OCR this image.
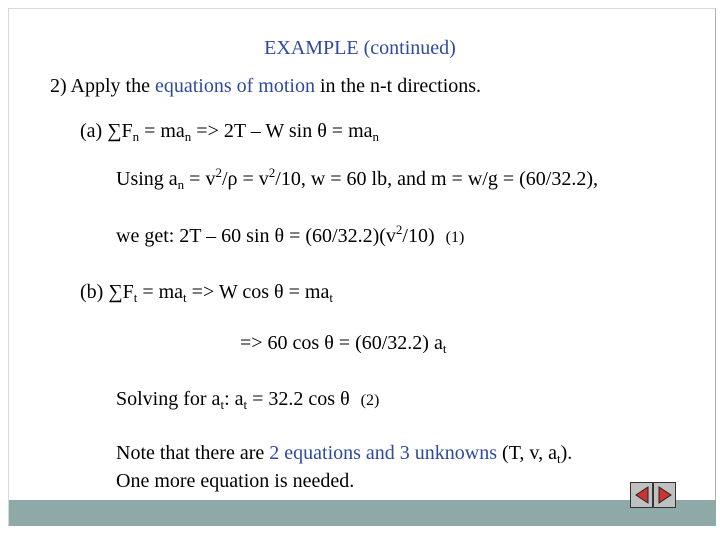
EXAMPLE (continued)
2) Apply the equations of motion in the n-t directions.
(a) $\sum F_n = ma_n => 2T - W$ $\sin \theta = ma_n$
Using $a_n = v^2/\rho = v^2/10$, w = 60 lb, and m = w/g = (60/32.2),
we get: 2T – 60 $\sin \theta = (60/32.2)(v^2/10)$ (1)
(b) $\sum F_t = ma_t => W$ $\cos \theta = ma_t$
=> 60 cos θ = (60/32.2) $a_t$
Solving for $a_t$: $a_t = 32.2$ cos θ (2)
Note that there are 2 equations and 3 unknowns (T, v, $a_t$).
One more equation is needed.
